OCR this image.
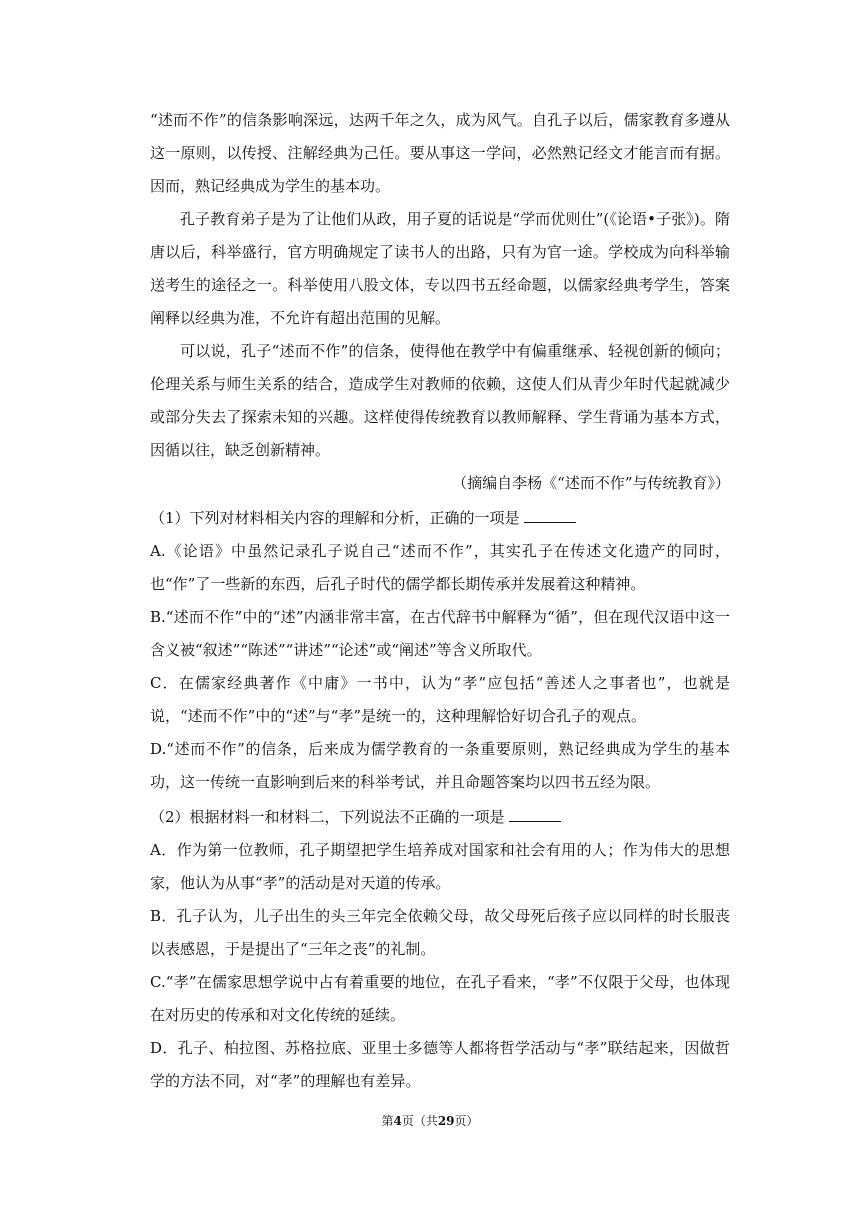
“述而不作”的信条影响深远，达两千年之久，成为风气。自孔子以后，儒家教育多遵从这一原则，以传授、注解经典为己任。要从事这一学问，必然熟记经文才能言而有据。因而，熟记经典成为学生的基本功。

孔子教育弟子是为了让他们从政，用子夏的话说是“学而优则仕”(《论语•子张》)。隋唐以后，科举盛行，官方明确规定了读书人的出路，只有为官一途。学校成为向科举输送考生的途径之一。科举使用八股文体，专以四书五经命题，以儒家经典考学生，答案阐释以经典为准，不允许有超出范围的见解。

可以说，孔子“述而不作”的信条，使得他在教学中有偏重继承、轻视创新的倾向；伦理关系与师生关系的结合，造成学生对教师的依赖，这使人们从青少年时代起就减少或部分失去了探索未知的兴趣。这样使得传统教育以教师解释、学生背诵为基本方式，因循以往，缺乏创新精神。

（摘编自李杨《“述而不作”与传统教育》）

（1）下列对材料相关内容的理解和分析，正确的一项是

A.《论语》中虽然记录孔子说自己“述而不作”，其实孔子在传述文化遗产的同时，也“作”了一些新的东西，后孔子时代的儒学都长期传承并发展着这种精神。

B.“述而不作”中的“述”内涵非常丰富，在古代辞书中解释为“循”，但在现代汉语中这一含义被“叙述”“陈述”“讲述”“论述”或“阐述”等含义所取代。

C．在儒家经典著作《中庸》一书中，认为“孝”应包括“善述人之事者也”，也就是说，“述而不作”中的“述”与“孝”是统一的，这种理解恰好切合孔子的观点。

D.“述而不作”的信条，后来成为儒学教育的一条重要原则，熟记经典成为学生的基本功，这一传统一直影响到后来的科举考试，并且命题答案均以四书五经为限。

（2）根据材料一和材料二，下列说法不正确的一项是

A．作为第一位教师，孔子期望把学生培养成对国家和社会有用的人；作为伟大的思想家，他认为从事“孝”的活动是对天道的传承。

B．孔子认为，儿子出生的头三年完全依赖父母，故父母死后孩子应以同样的时长服丧以表感恩，于是提出了“三年之丧”的礼制。

C.“孝”在儒家思想学说中占有着重要的地位，在孔子看来，“孝”不仅限于父母，也体现在对历史的传承和对文化传统的延续。

D．孔子、柏拉图、苏格拉底、亚里士多德等人都将哲学活动与“孝”联结起来，因做哲学的方法不同，对“孝”的理解也有差异。

第4页（共29页）
